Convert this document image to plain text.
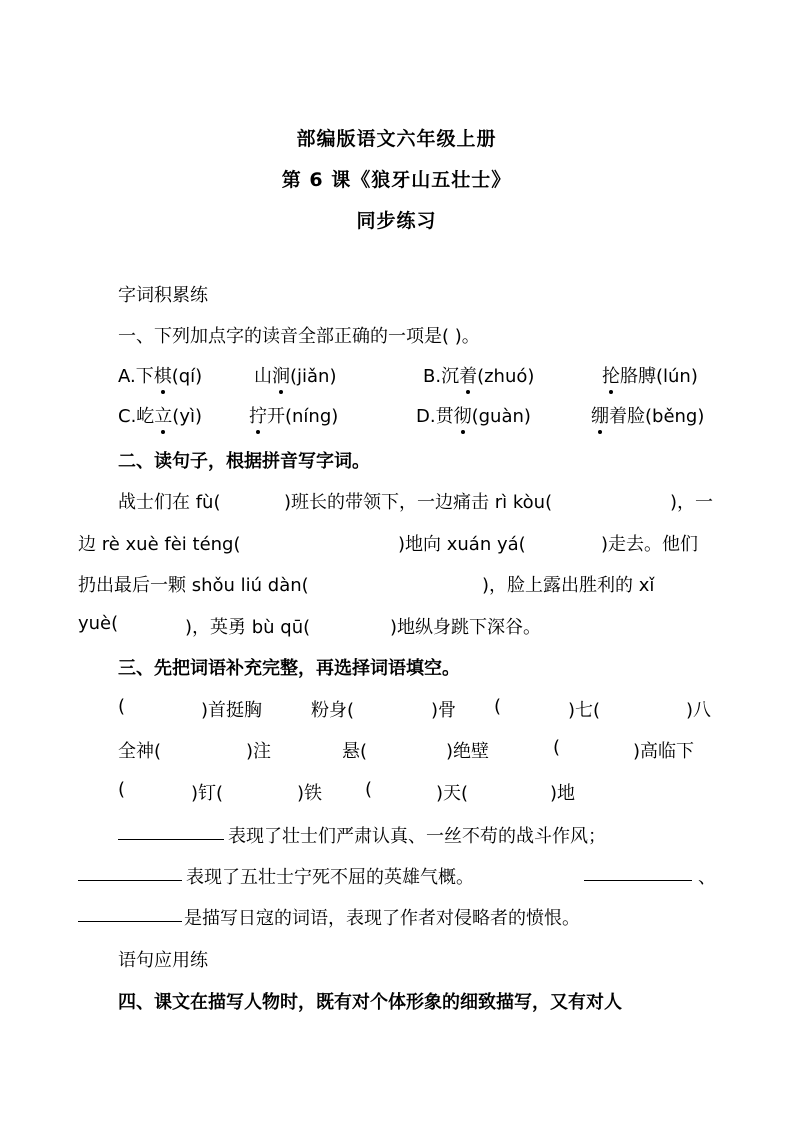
部编版语文六年级上册
第 6 课《狼牙山五壮士》
同步练习
字词积累练
一、下列加点字的读音全部正确的一项是( )。
A.下棋(qí)	山涧(jiǎn)	B.沉着(zhuó)	抡胳膊(lún)
C.屹立(yì)	拧开(níng)	D.贯彻(guàn)	绷着脸(běng)
二、读句子，根据拼音写字词。
战士们在 fù(	)班长的带领下，一边痛击 rì kòu(	)，一
边 rè xuè fèi téng(	)地向 xuán yá(	)走去。他们
扔出最后一颗 shǒu liú dàn(	)，脸上露出胜利的 xǐ
yuè(	)，英勇 bù qū(	)地纵身跳下深谷。
三、先把词语补充完整，再选择词语填空。
(	)首挺胸	粉身(	)骨 (	)七(	)八
全神(	)注	悬(	)绝壁	(	)高临下
(	)钉(	)铁 (	)天(	)地
表现了壮士们严肃认真、一丝不苟的战斗作风；
表现了五壮士宁死不屈的英雄气概。	、
是描写日寇的词语，表现了作者对侵略者的愤恨。
语句应用练
四、课文在描写人物时，既有对个体形象的细致描写，又有对人
